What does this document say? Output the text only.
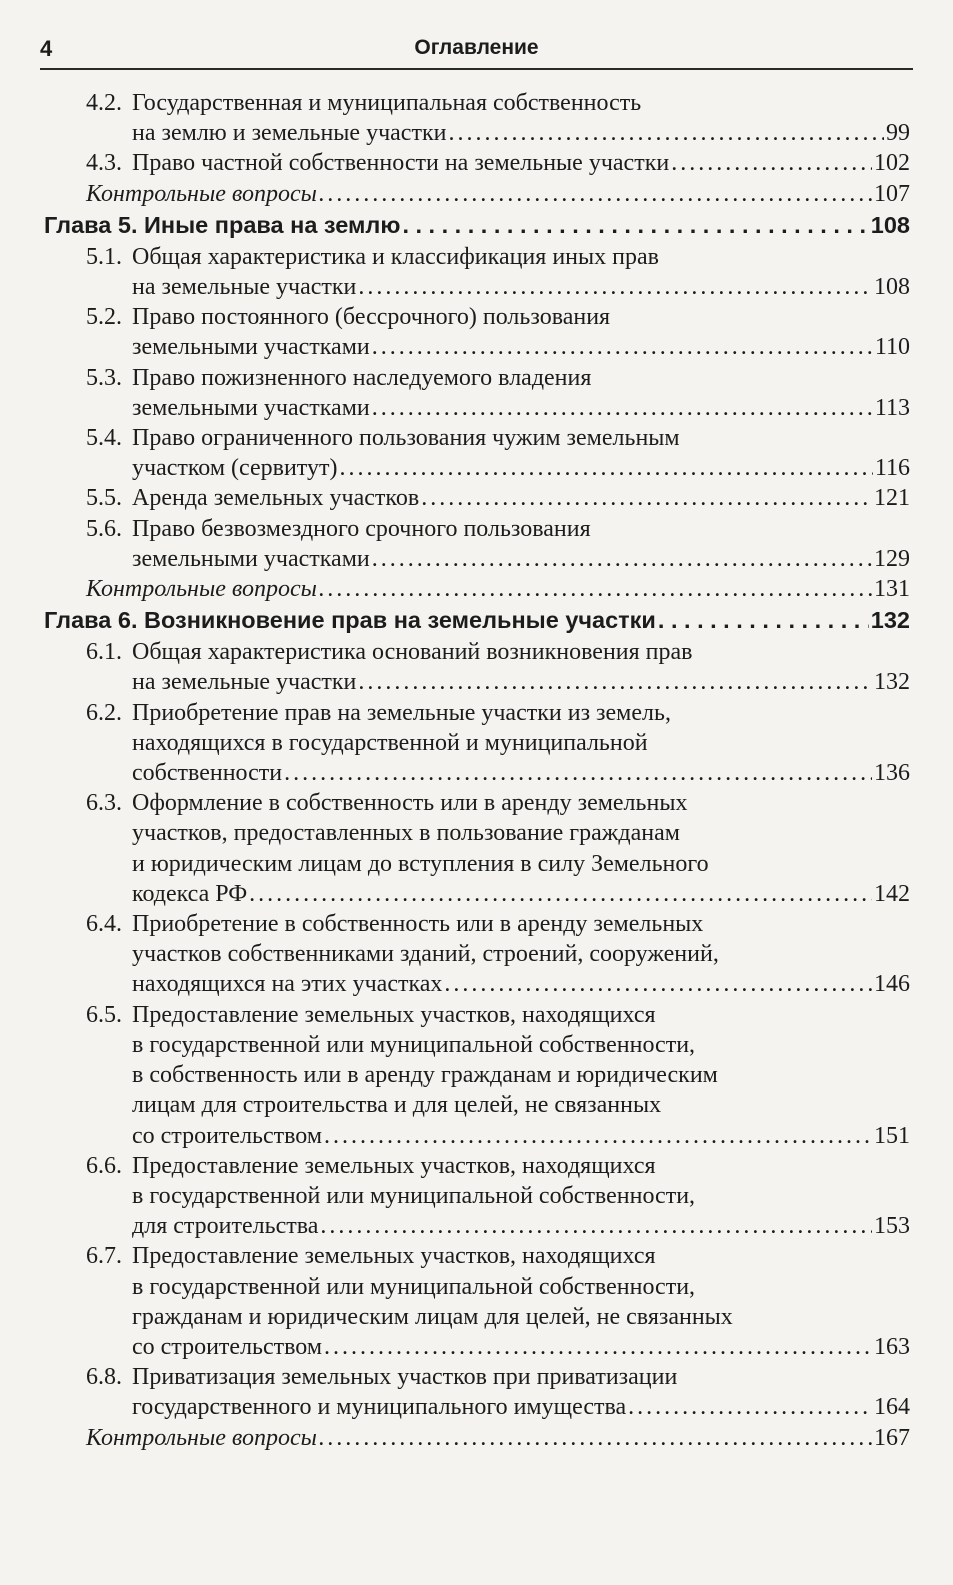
4	Оглавление
4.2. Государственная и муниципальная собственность
на землю и земельные участки . . .	99
4.3. Право частной собственности на земельные участки . . .	102
Контрольные вопросы . . .	107
Глава 5. Иные права на землю . . .	108
5.1. Общая характеристика и классификация иных прав
на земельные участки . . .	108
5.2. Право постоянного (бессрочного) пользования
земельными участками . . .	110
5.3. Право пожизненного наследуемого владения
земельными участками . . .	113
5.4. Право ограниченного пользования чужим земельным
участком (сервитут) . . .	116
5.5. Аренда земельных участков . . .	121
5.6. Право безвозмездного срочного пользования
земельными участками . . .	129
Контрольные вопросы . . .	131
Глава 6. Возникновение прав на земельные участки . . .	132
6.1. Общая характеристика оснований возникновения прав
на земельные участки . . .	132
6.2. Приобретение прав на земельные участки из земель,
находящихся в государственной и муниципальной
собственности . . .	136
6.3. Оформление в собственность или в аренду земельных
участков, предоставленных в пользование гражданам
и юридическим лицам до вступления в силу Земельного
кодекса РФ . . .	142
6.4. Приобретение в собственность или в аренду земельных
участков собственниками зданий, строений, сооружений,
находящихся на этих участках . . .	146
6.5. Предоставление земельных участков, находящихся
в государственной или муниципальной собственности,
в собственность или в аренду гражданам и юридическим
лицам для строительства и для целей, не связанных
со строительством . . .	151
6.6. Предоставление земельных участков, находящихся
в государственной или муниципальной собственности,
для строительства . . .	153
6.7. Предоставление земельных участков, находящихся
в государственной или муниципальной собственности,
гражданам и юридическим лицам для целей, не связанных
со строительством . . .	163
6.8. Приватизация земельных участков при приватизации
государственного и муниципального имущества . . .	164
Контрольные вопросы . . .	167
